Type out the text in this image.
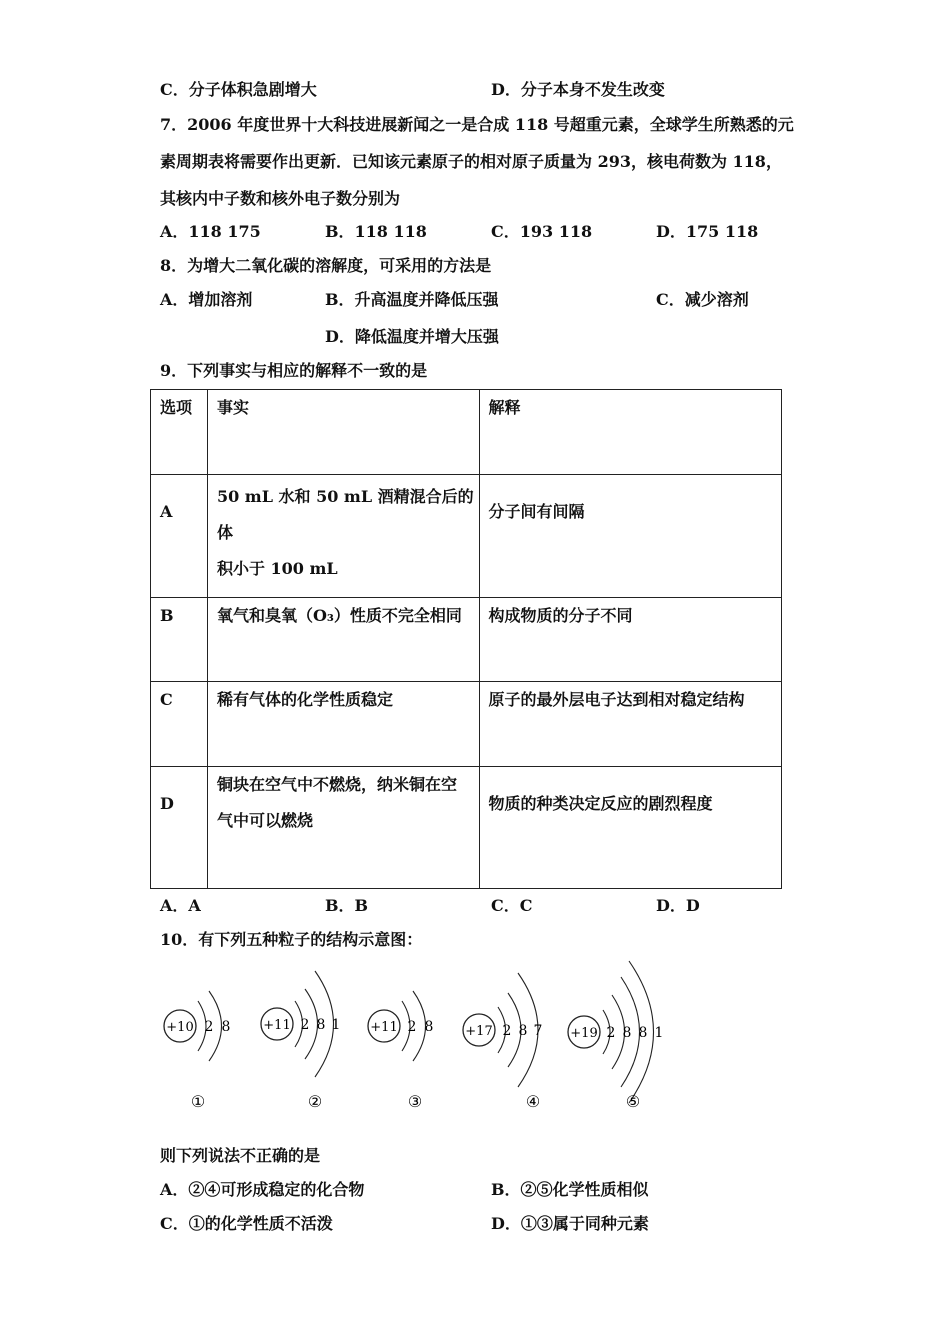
C．分子体积急剧增大	D．分子本身不发生改变
7．2006 年度世界十大科技进展新闻之一是合成 118 号超重元素，全球学生所熟悉的元
素周期表将需要作出更新．已知该元素原子的相对原子质量为 293，核电荷数为 118，
其核内中子数和核外电子数分别为
A．118 175	B．118 118	C．193 118	D．175 118
8．为增大二氧化碳的溶解度，可采用的方法是
A．增加溶剂	B．升高温度并降低压强	C．减少溶剂
D．降低温度并增大压强
9．下列事实与相应的解释不一致的是
选项	事实	解释
A	50 mL 水和 50 mL 酒精混合后的体
积小于 100 mL	分子间有间隔
B	氧气和臭氧（O₃）性质不完全相同	构成物质的分子不同
C	稀有气体的化学性质稳定	原子的最外层电子达到相对稳定结构
D	铜块在空气中不燃烧，纳米铜在空
气中可以燃烧	物质的种类决定反应的剧烈程度
A．A	B．B	C．C	D．D
10．有下列五种粒子的结构示意图：
+10 2 8
①
+11 2 8 1
②
+11 2 8
③
+17 2 8 7
④
+19 2 8 8 1
⑤
则下列说法不正确的是
A．②④可形成稳定的化合物	B．②⑤化学性质相似
C．①的化学性质不活泼	D．①③属于同种元素
